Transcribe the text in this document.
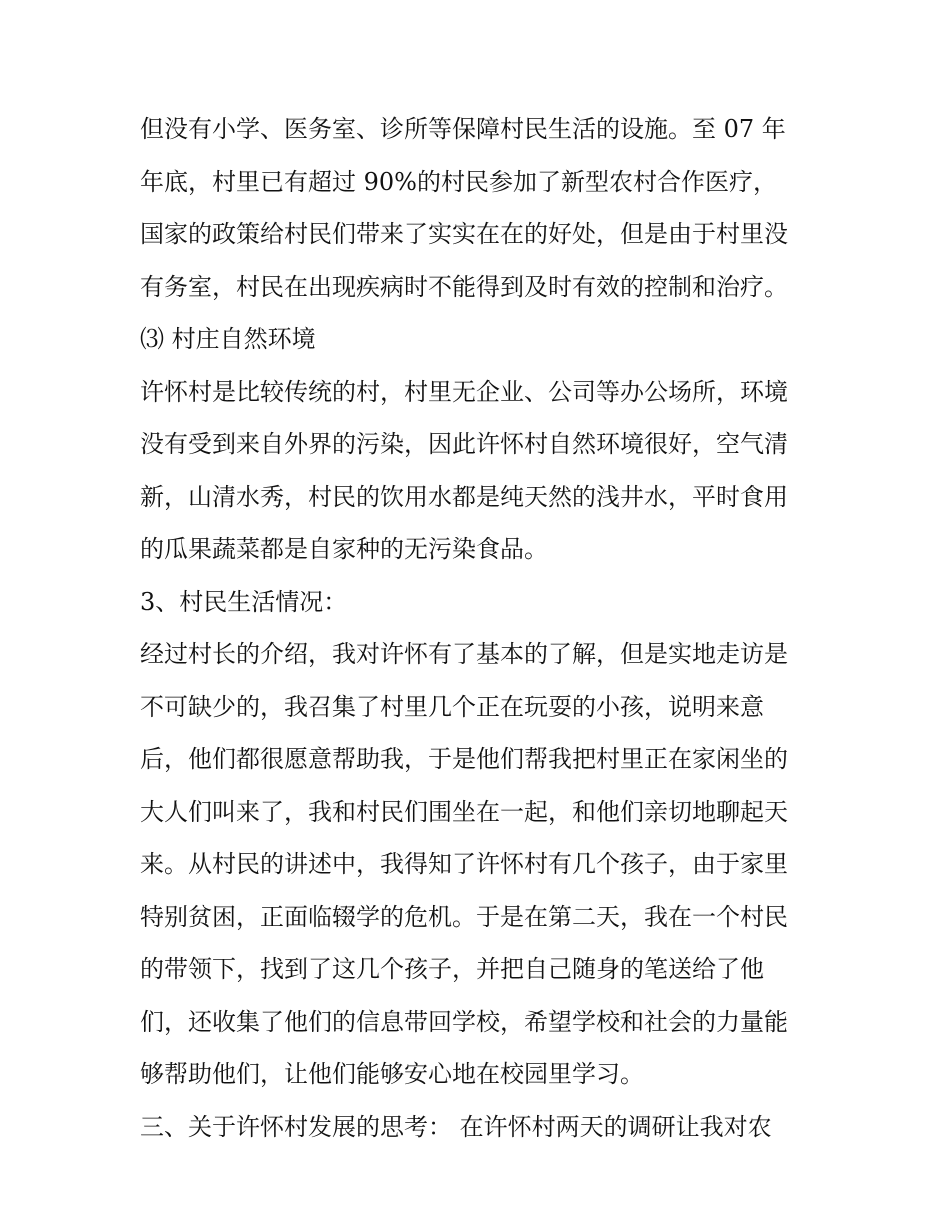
但没有小学、医务室、诊所等保障村民生活的设施。至 07 年
年底，村里已有超过 90%的村民参加了新型农村合作医疗，
国家的政策给村民们带来了实实在在的好处，但是由于村里没
有务室，村民在出现疾病时不能得到及时有效的控制和治疗。
⑶ 村庄自然环境
许怀村是比较传统的村，村里无企业、公司等办公场所，环境
没有受到来自外界的污染，因此许怀村自然环境很好，空气清
新，山清水秀，村民的饮用水都是纯天然的浅井水，平时食用
的瓜果蔬菜都是自家种的无污染食品。
3、村民生活情况：
经过村长的介绍，我对许怀有了基本的了解，但是实地走访是
不可缺少的，我召集了村里几个正在玩耍的小孩，说明来意
后，他们都很愿意帮助我，于是他们帮我把村里正在家闲坐的
大人们叫来了，我和村民们围坐在一起，和他们亲切地聊起天
来。从村民的讲述中，我得知了许怀村有几个孩子，由于家里
特别贫困，正面临辍学的危机。于是在第二天，我在一个村民
的带领下，找到了这几个孩子，并把自己随身的笔送给了他
们，还收集了他们的信息带回学校，希望学校和社会的力量能
够帮助他们，让他们能够安心地在校园里学习。
三、关于许怀村发展的思考： 在许怀村两天的调研让我对农
